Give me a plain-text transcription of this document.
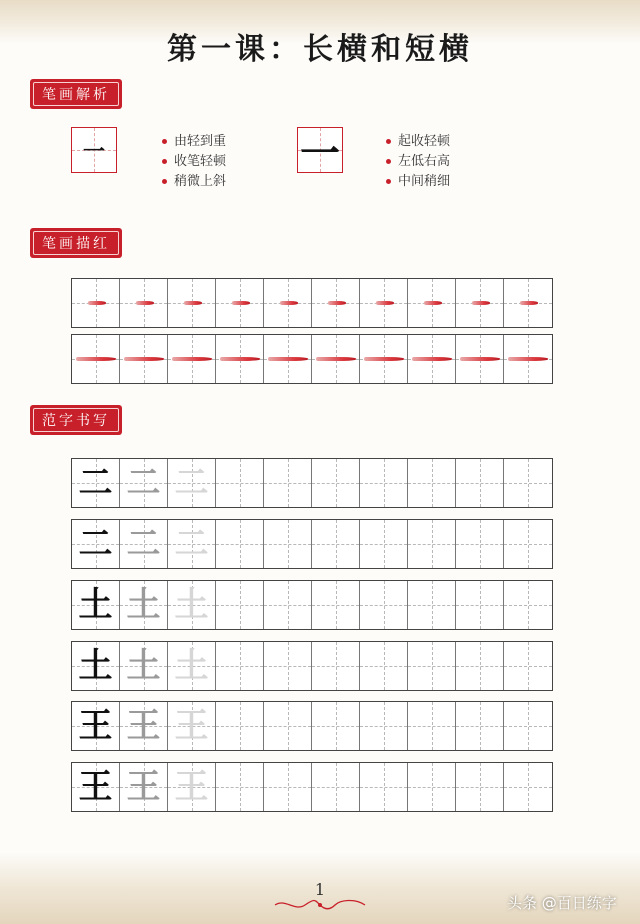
第一课：长横和短横
笔画解析
一	由轻到重
收笔轻顿
稍微上斜
一	起收轻顿
左低右高
中间稍细
笔画描红
范字书写
二 二 二
二 二 二
土 土 土
土 土 土
王 王 王
王 王 王
1
头条 @百日练字
